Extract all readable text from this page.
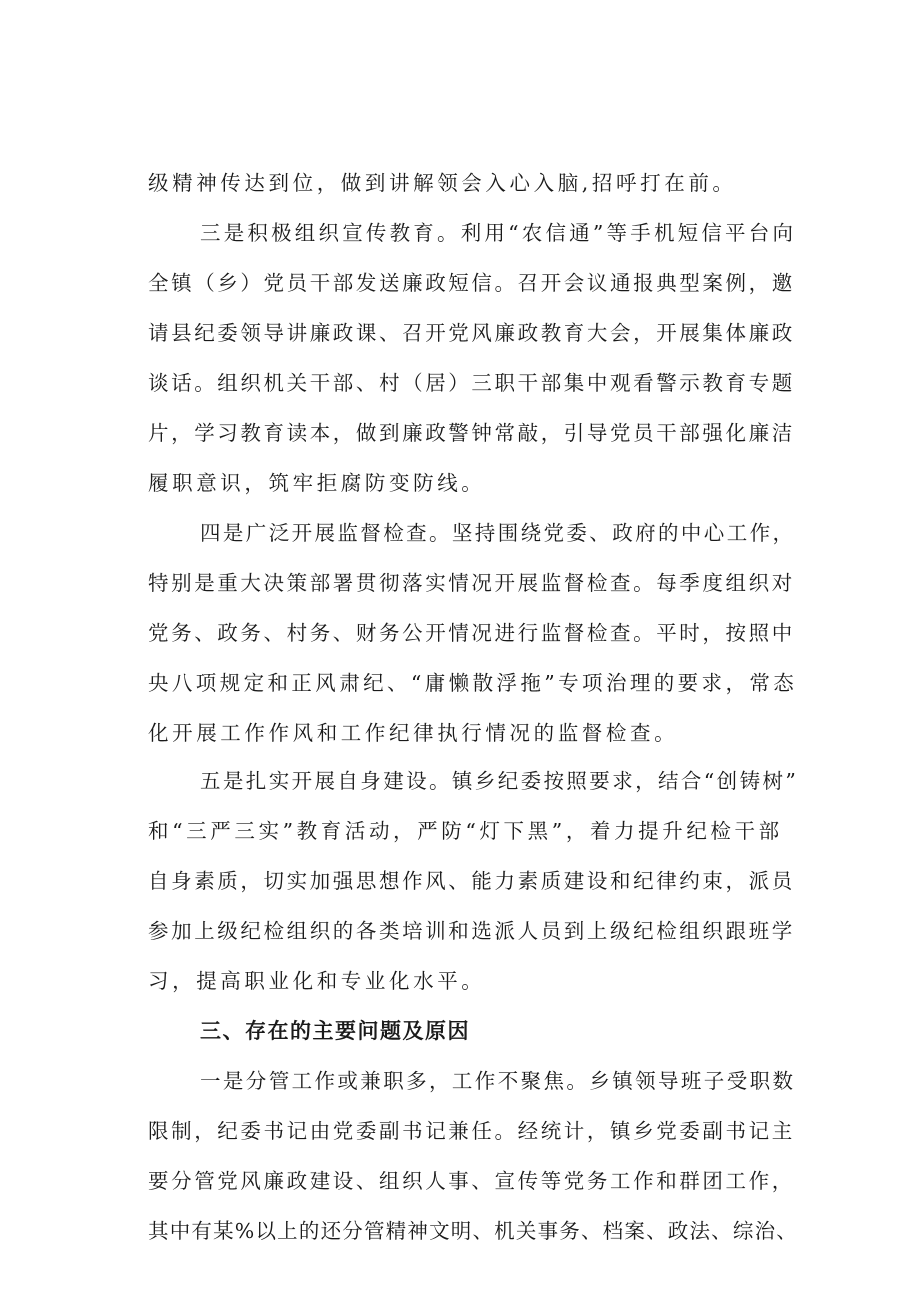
级精神传达到位，做到讲解领会入心入脑,招呼打在前。
三是积极组织宣传教育。利用“农信通”等手机短信平台向
全镇（乡）党员干部发送廉政短信。召开会议通报典型案例，邀
请县纪委领导讲廉政课、召开党风廉政教育大会，开展集体廉政
谈话。组织机关干部、村（居）三职干部集中观看警示教育专题
片，学习教育读本，做到廉政警钟常敲，引导党员干部强化廉洁
履职意识，筑牢拒腐防变防线。
四是广泛开展监督检查。坚持围绕党委、政府的中心工作，
特别是重大决策部署贯彻落实情况开展监督检查。每季度组织对
党务、政务、村务、财务公开情况进行监督检查。平时，按照中
央八项规定和正风肃纪、“庸懒散浮拖”专项治理的要求，常态
化开展工作作风和工作纪律执行情况的监督检查。
五是扎实开展自身建设。镇乡纪委按照要求，结合“创铸树”
和“三严三实”教育活动，严防“灯下黑”，着力提升纪检干部
自身素质，切实加强思想作风、能力素质建设和纪律约束，派员
参加上级纪检组织的各类培训和选派人员到上级纪检组织跟班学
习，提高职业化和专业化水平。
三、存在的主要问题及原因
一是分管工作或兼职多，工作不聚焦。乡镇领导班子受职数
限制，纪委书记由党委副书记兼任。经统计，镇乡党委副书记主
要分管党风廉政建设、组织人事、宣传等党务工作和群团工作，
其中有某%以上的还分管精神文明、机关事务、档案、政法、综治、
